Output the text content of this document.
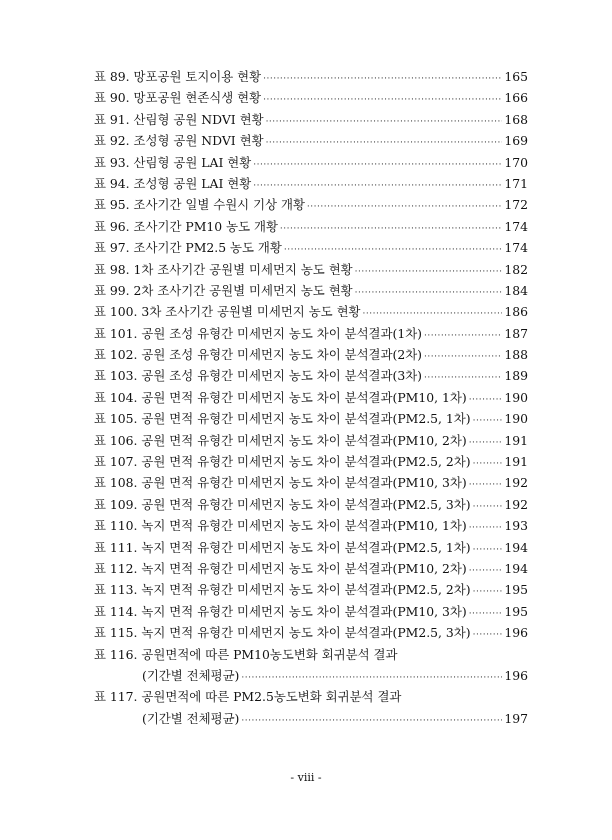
표 89. 망포공원 토지이용 현황 ·····	165
표 90. 망포공원 현존식생 현황 ·····	166
표 91. 산림형 공원 NDVI 현황 ·····	168
표 92. 조성형 공원 NDVI 현황 ·····	169
표 93. 산림형 공원 LAI 현황 ·····	170
표 94. 조성형 공원 LAI 현황 ·····	171
표 95. 조사기간 일별 수원시 기상 개황 ·····	172
표 96. 조사기간 PM10 농도 개황 ·····	174
표 97. 조사기간 PM2.5 농도 개황 ·····	174
표 98. 1차 조사기간 공원별 미세먼지 농도 현황 ·····	182
표 99. 2차 조사기간 공원별 미세먼지 농도 현황 ·····	184
표 100. 3차 조사기간 공원별 미세먼지 농도 현황 ·····	186
표 101. 공원 조성 유형간 미세먼지 농도 차이 분석결과(1차) ·····	187
표 102. 공원 조성 유형간 미세먼지 농도 차이 분석결과(2차) ·····	188
표 103. 공원 조성 유형간 미세먼지 농도 차이 분석결과(3차) ·····	189
표 104. 공원 면적 유형간 미세먼지 농도 차이 분석결과(PM10, 1차) ·····	190
표 105. 공원 면적 유형간 미세먼지 농도 차이 분석결과(PM2.5, 1차) ·····	190
표 106. 공원 면적 유형간 미세먼지 농도 차이 분석결과(PM10, 2차) ·····	191
표 107. 공원 면적 유형간 미세먼지 농도 차이 분석결과(PM2.5, 2차) ·····	191
표 108. 공원 면적 유형간 미세먼지 농도 차이 분석결과(PM10, 3차) ·····	192
표 109. 공원 면적 유형간 미세먼지 농도 차이 분석결과(PM2.5, 3차) ·····	192
표 110. 녹지 면적 유형간 미세먼지 농도 차이 분석결과(PM10, 1차) ·····	193
표 111. 녹지 면적 유형간 미세먼지 농도 차이 분석결과(PM2.5, 1차) ·····	194
표 112. 녹지 면적 유형간 미세먼지 농도 차이 분석결과(PM10, 2차) ·····	194
표 113. 녹지 면적 유형간 미세먼지 농도 차이 분석결과(PM2.5, 2차) ·····	195
표 114. 녹지 면적 유형간 미세먼지 농도 차이 분석결과(PM10, 3차) ·····	195
표 115. 녹지 면적 유형간 미세먼지 농도 차이 분석결과(PM2.5, 3차) ·····	196
표 116. 공원면적에 따른 PM10농도변화 회귀분석 결과
(기간별 전체평균) ·····	196
표 117. 공원면적에 따른 PM2.5농도변화 회귀분석 결과
(기간별 전체평균) ·····	197
- viii -
